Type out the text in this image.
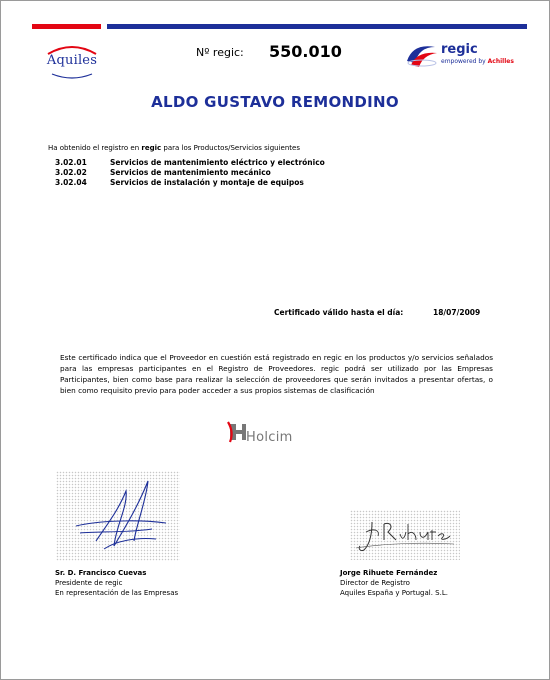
Aquiles
Nº regic: 550.010	regic
empowered by Achilles
ALDO GUSTAVO REMONDINO
Ha obtenido el registro en regic para los Productos/Servicios siguientes
3.02.01	Servicios de mantenimiento eléctrico y electrónico
3.02.02	Servicios de mantenimiento mecánico
3.02.04	Servicios de instalación y montaje de equipos
Certificado válido hasta el día:	18/07/2009
Este certificado indica que el Proveedor en cuestión está registrado en regic en los productos y/o servicios señalados para las empresas participantes en el Registro de Proveedores. regic podrá ser utilizado por las Empresas Participantes, bien como base para realizar la selección de proveedores que serán invitados a presentar ofertas, o bien como requisito previo para poder acceder a sus propios sistemas de clasificación
Holcim
Sr. D. Francisco Cuevas
Presidente de regic
En representación de las Empresas
Jorge Rihuete Fernández
Director de Registro
Aquiles España y Portugal. S.L.
